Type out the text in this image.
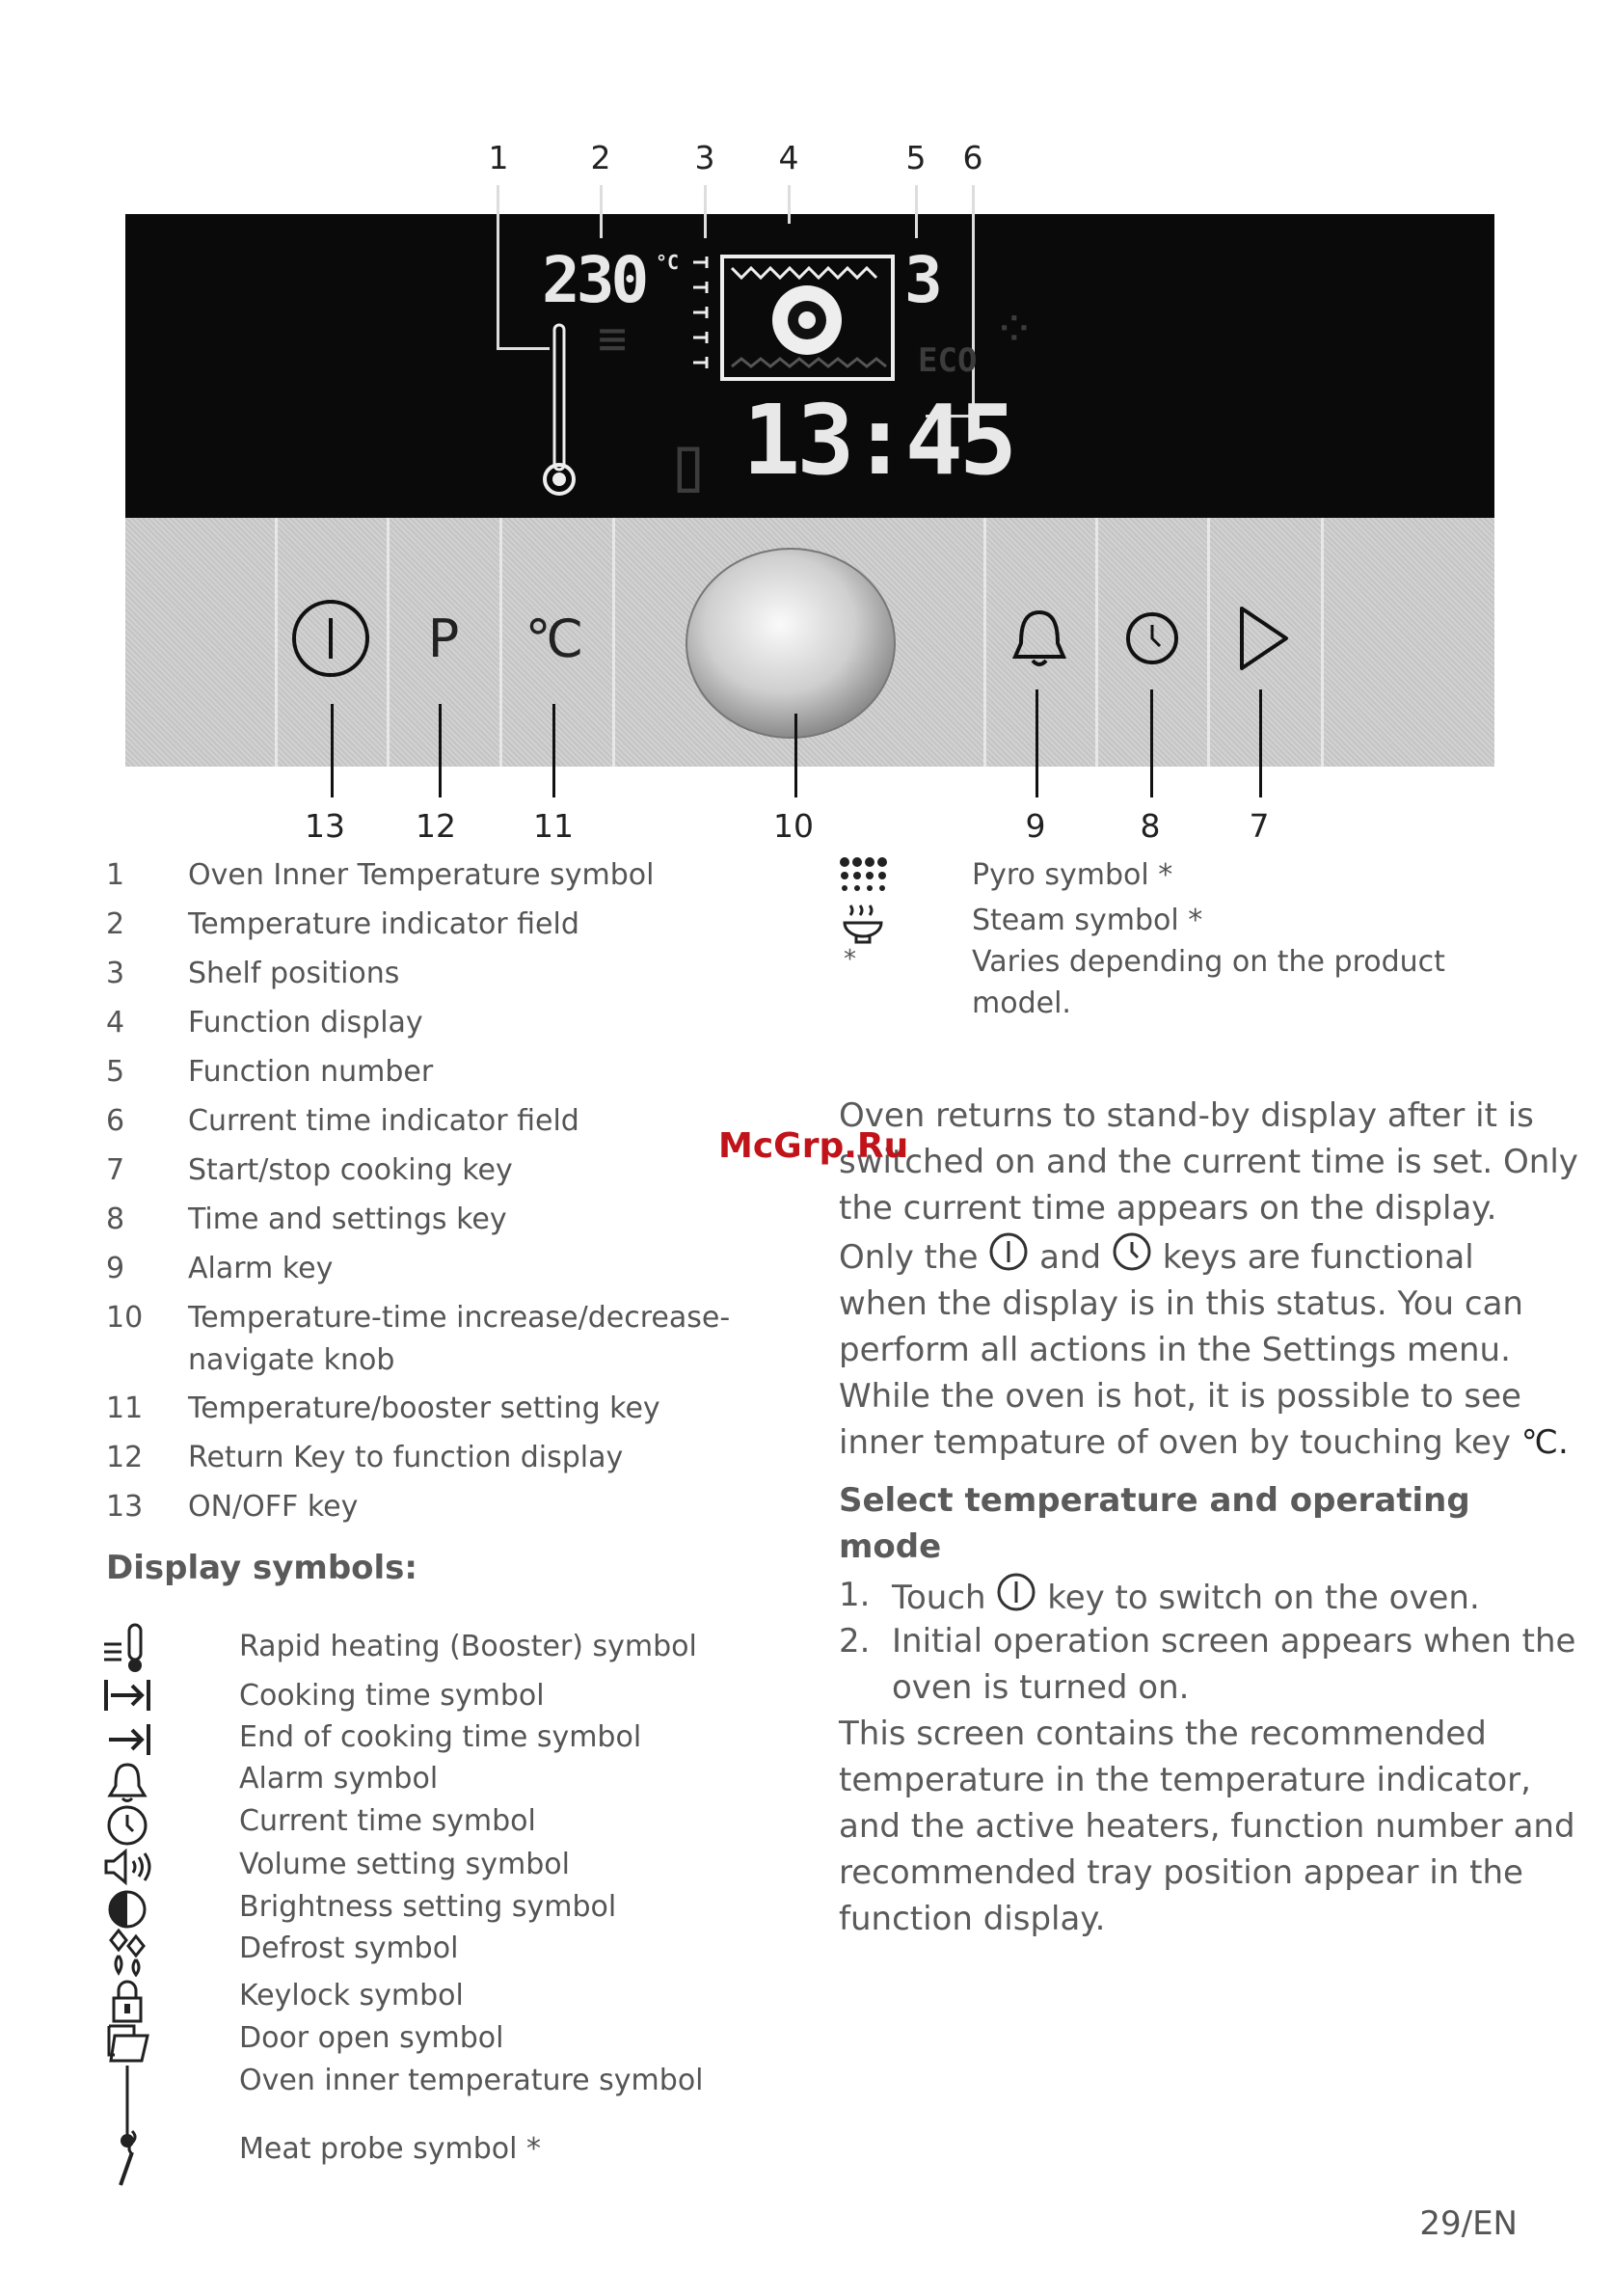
1	2	3 4	5 6
230 °C	3
ECO
⁘
▯
≡
13:45
P	℃
13 12 11	10	9	8	7
1 Oven Inner Temperature symbol
2 Temperature indicator field
3 Shelf positions
4 Function display
5 Function number
6 Current time indicator field
7 Start/stop cooking key
8 Time and settings key
9 Alarm key
10 Temperature-time increase/decrease-
navigate knob
11 Temperature/booster setting key
12 Return Key to function display
13 ON/OFF key
Display symbols:
Rapid heating (Booster) symbol
Cooking time symbol
End of cooking time symbol
Alarm symbol
Current time symbol
Volume setting symbol
Brightness setting symbol
Defrost symbol
Keylock symbol
Door open symbol
Oven inner temperature symbol
Meat probe symbol *
Pyro symbol *
Steam symbol *
*	Varies depending on the product
model.
Oven returns to stand-by display after it is
switched on and the current time is set. Only
the current time appears on the display.
Only the and keys are functional
when the display is in this status. You can
perform all actions in the Settings menu.
While the oven is hot, it is possible to see
inner tempature of oven by touching key ℃.
McGrp.Ru
Select temperature and operating
mode
1. Touch key to switch on the oven.
2. Initial operation screen appears when the
oven is turned on.
This screen contains the recommended
temperature in the temperature indicator,
and the active heaters, function number and
recommended tray position appear in the
function display.
29/EN
